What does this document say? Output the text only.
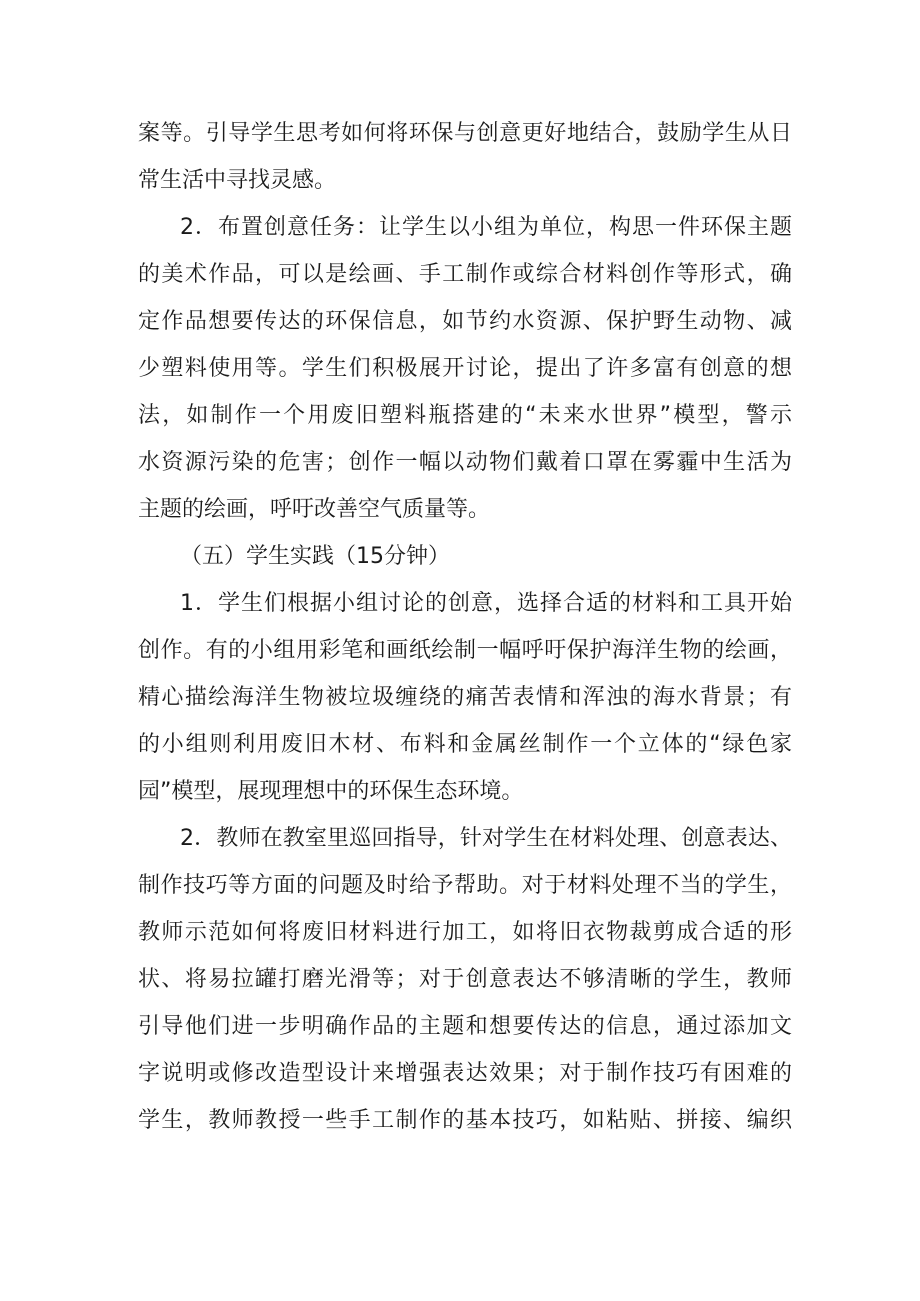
案等。引导学生思考如何将环保与创意更好地结合，鼓励学生从日
常生活中寻找灵感。
2．布置创意任务：让学生以小组为单位，构思一件环保主题
的美术作品，可以是绘画、手工制作或综合材料创作等形式，确
定作品想要传达的环保信息，如节约水资源、保护野生动物、减
少塑料使用等。学生们积极展开讨论，提出了许多富有创意的想
法，如制作一个用废旧塑料瓶搭建的“未来水世界”模型，警示
水资源污染的危害；创作一幅以动物们戴着口罩在雾霾中生活为
主题的绘画，呼吁改善空气质量等。
（五）学生实践（15分钟）
1．学生们根据小组讨论的创意，选择合适的材料和工具开始
创作。有的小组用彩笔和画纸绘制一幅呼吁保护海洋生物的绘画，
精心描绘海洋生物被垃圾缠绕的痛苦表情和浑浊的海水背景；有
的小组则利用废旧木材、布料和金属丝制作一个立体的“绿色家
园”模型，展现理想中的环保生态环境。
2．教师在教室里巡回指导，针对学生在材料处理、创意表达、
制作技巧等方面的问题及时给予帮助。对于材料处理不当的学生，
教师示范如何将废旧材料进行加工，如将旧衣物裁剪成合适的形
状、将易拉罐打磨光滑等；对于创意表达不够清晰的学生，教师
引导他们进一步明确作品的主题和想要传达的信息，通过添加文
字说明或修改造型设计来增强表达效果；对于制作技巧有困难的
学生，教师教授一些手工制作的基本技巧，如粘贴、拼接、编织
